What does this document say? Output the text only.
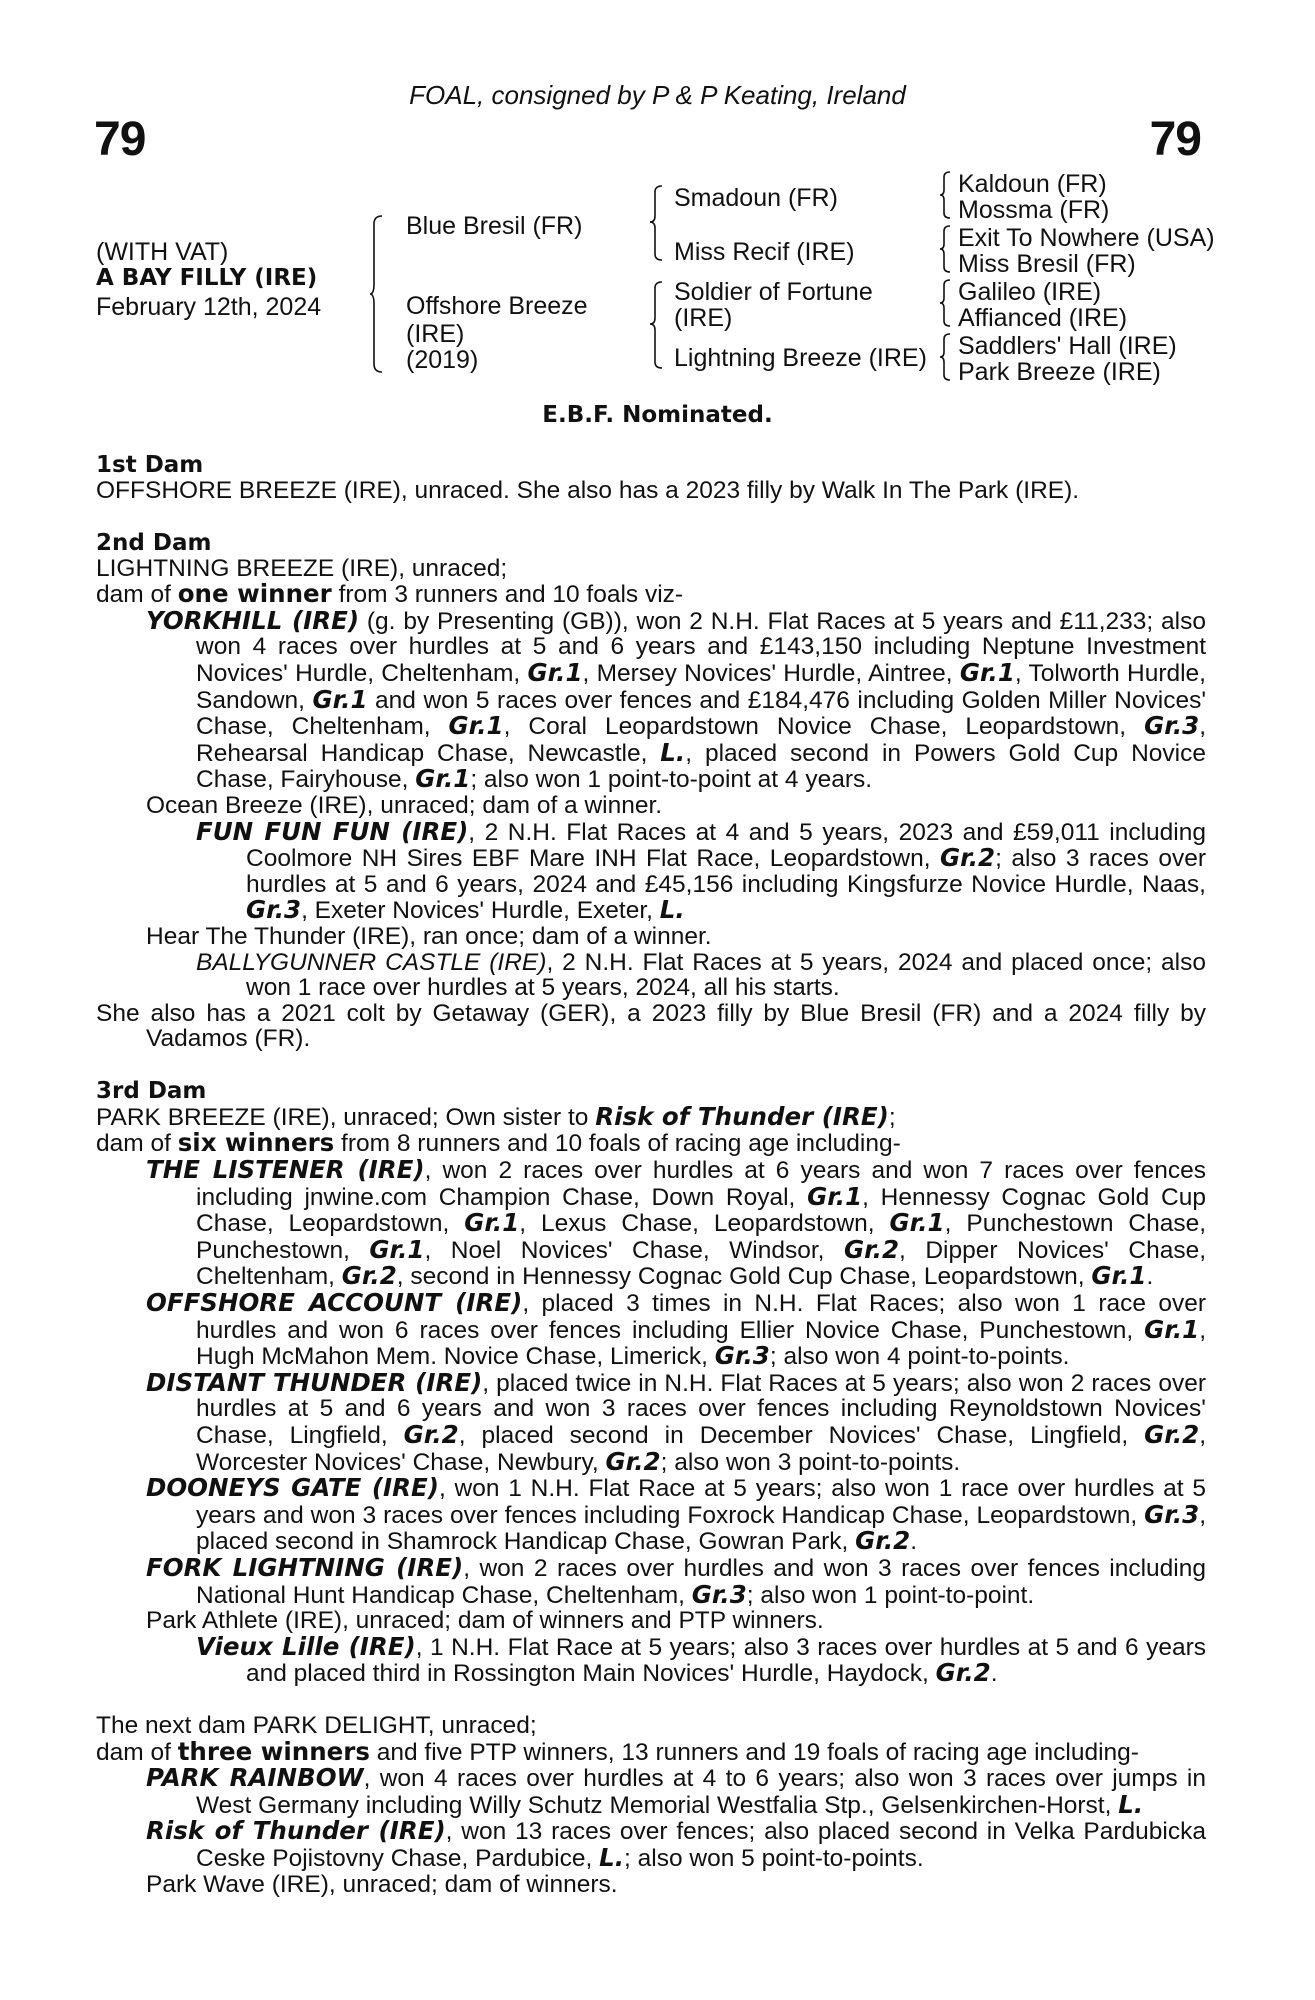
79	79
FOAL, consigned by P & P Keating, Ireland
(WITH VAT)
A BAY FILLY (IRE)
February 12th, 2024
Blue Bresil (FR)
Offshore Breeze
(IRE)
(2019)
Smadoun (FR)
Miss Recif (IRE)
Soldier of Fortune
(IRE)
Lightning Breeze (IRE)
Kaldoun (FR)
Mossma (FR)
Exit To Nowhere (USA)
Miss Bresil (FR)
Galileo (IRE)
Affianced (IRE)
Saddlers' Hall (IRE)
Park Breeze (IRE)
E.B.F. Nominated.
1st Dam
OFFSHORE BREEZE (IRE), unraced. She also has a 2023 filly by Walk In The Park (IRE).
2nd Dam
LIGHTNING BREEZE (IRE), unraced;
dam of one winner from 3 runners and 10 foals viz-
YORKHILL (IRE) (g. by Presenting (GB)), won 2 N.H. Flat Races at 5 years and £11,233; also won 4 races over hurdles at 5 and 6 years and £143,150 including Neptune Investment Novices' Hurdle, Cheltenham, Gr.1, Mersey Novices' Hurdle, Aintree, Gr.1, Tolworth Hurdle, Sandown, Gr.1 and won 5 races over fences and £184,476 including Golden Miller Novices' Chase, Cheltenham, Gr.1, Coral Leopardstown Novice Chase, Leopardstown, Gr.3, Rehearsal Handicap Chase, Newcastle, L., placed second in Powers Gold Cup Novice Chase, Fairyhouse, Gr.1; also won 1 point-to-point at 4 years.
Ocean Breeze (IRE), unraced; dam of a winner.
FUN FUN FUN (IRE), 2 N.H. Flat Races at 4 and 5 years, 2023 and £59,011 including Coolmore NH Sires EBF Mare INH Flat Race, Leopardstown, Gr.2; also 3 races over hurdles at 5 and 6 years, 2024 and £45,156 including Kingsfurze Novice Hurdle, Naas, Gr.3, Exeter Novices' Hurdle, Exeter, L.
Hear The Thunder (IRE), ran once; dam of a winner.
BALLYGUNNER CASTLE (IRE), 2 N.H. Flat Races at 5 years, 2024 and placed once; also won 1 race over hurdles at 5 years, 2024, all his starts.
She also has a 2021 colt by Getaway (GER), a 2023 filly by Blue Bresil (FR) and a 2024 filly by Vadamos (FR).
3rd Dam
PARK BREEZE (IRE), unraced; Own sister to Risk of Thunder (IRE);
dam of six winners from 8 runners and 10 foals of racing age including-
THE LISTENER (IRE), won 2 races over hurdles at 6 years and won 7 races over fences including jnwine.com Champion Chase, Down Royal, Gr.1, Hennessy Cognac Gold Cup Chase, Leopardstown, Gr.1, Lexus Chase, Leopardstown, Gr.1, Punchestown Chase, Punchestown, Gr.1, Noel Novices' Chase, Windsor, Gr.2, Dipper Novices' Chase, Cheltenham, Gr.2, second in Hennessy Cognac Gold Cup Chase, Leopardstown, Gr.1.
OFFSHORE ACCOUNT (IRE), placed 3 times in N.H. Flat Races; also won 1 race over hurdles and won 6 races over fences including Ellier Novice Chase, Punchestown, Gr.1, Hugh McMahon Mem. Novice Chase, Limerick, Gr.3; also won 4 point-to-points.
DISTANT THUNDER (IRE), placed twice in N.H. Flat Races at 5 years; also won 2 races over hurdles at 5 and 6 years and won 3 races over fences including Reynoldstown Novices' Chase, Lingfield, Gr.2, placed second in December Novices' Chase, Lingfield, Gr.2, Worcester Novices' Chase, Newbury, Gr.2; also won 3 point-to-points.
DOONEYS GATE (IRE), won 1 N.H. Flat Race at 5 years; also won 1 race over hurdles at 5 years and won 3 races over fences including Foxrock Handicap Chase, Leopardstown, Gr.3, placed second in Shamrock Handicap Chase, Gowran Park, Gr.2.
FORK LIGHTNING (IRE), won 2 races over hurdles and won 3 races over fences including National Hunt Handicap Chase, Cheltenham, Gr.3; also won 1 point-to-point.
Park Athlete (IRE), unraced; dam of winners and PTP winners.
Vieux Lille (IRE), 1 N.H. Flat Race at 5 years; also 3 races over hurdles at 5 and 6 years and placed third in Rossington Main Novices' Hurdle, Haydock, Gr.2.
The next dam PARK DELIGHT, unraced;
dam of three winners and five PTP winners, 13 runners and 19 foals of racing age including-
PARK RAINBOW, won 4 races over hurdles at 4 to 6 years; also won 3 races over jumps in West Germany including Willy Schutz Memorial Westfalia Stp., Gelsenkirchen-Horst, L.
Risk of Thunder (IRE), won 13 races over fences; also placed second in Velka Pardubicka Ceske Pojistovny Chase, Pardubice, L.; also won 5 point-to-points.
Park Wave (IRE), unraced; dam of winners.
